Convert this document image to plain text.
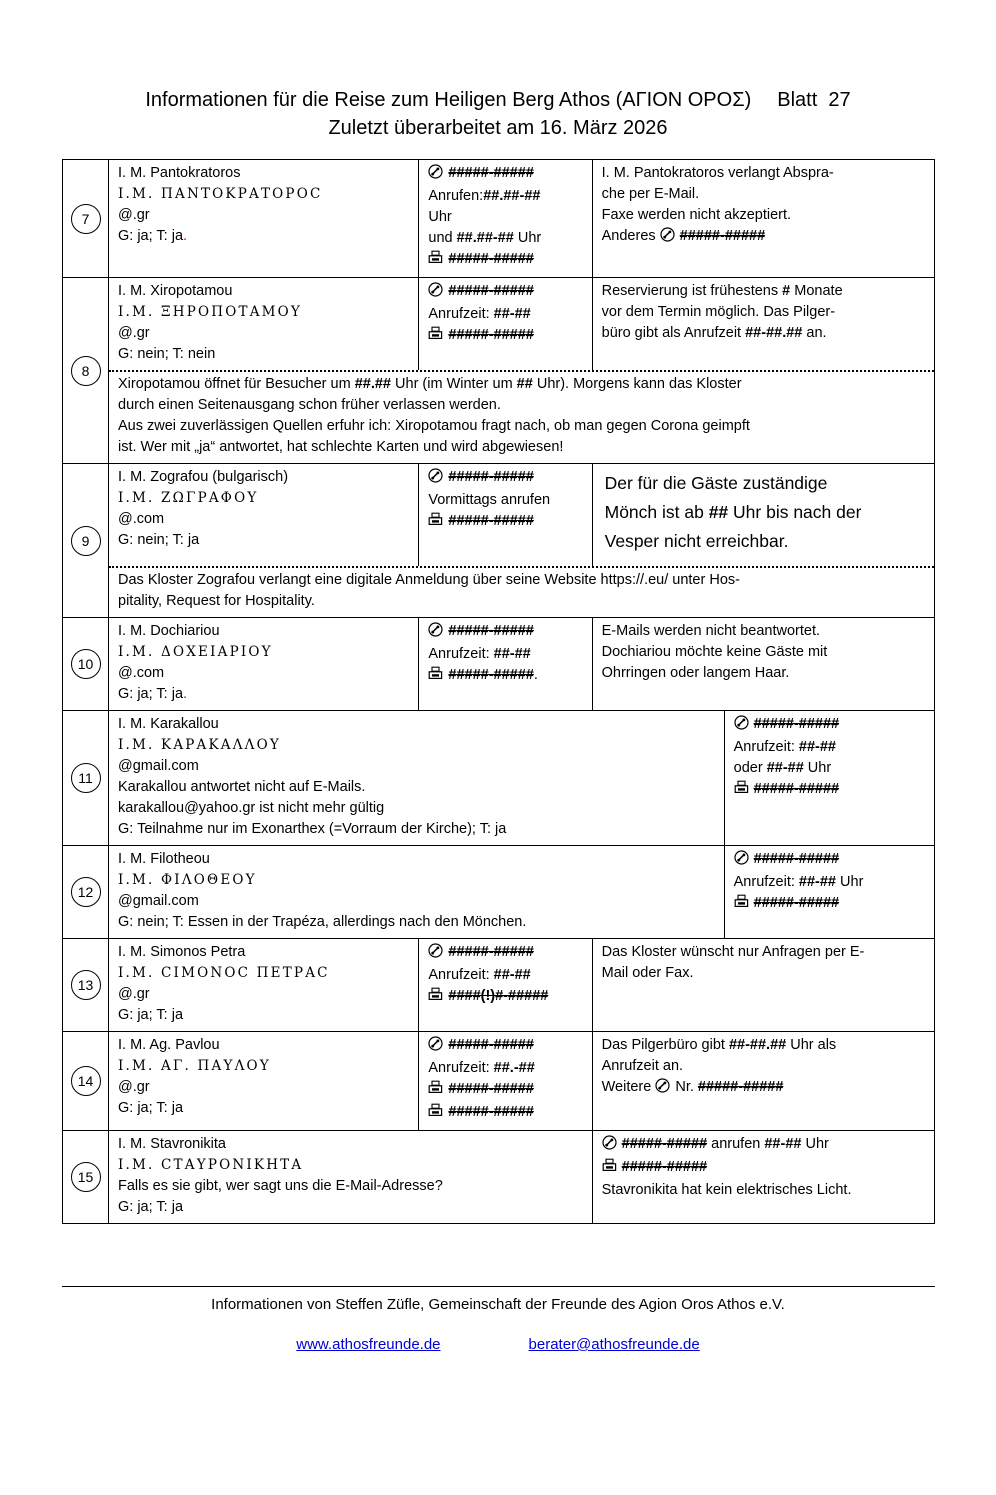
Informationen für die Reise zum Heiligen Berg Athos (ΑΓΙΟΝ ΟΡΟΣ) Blatt  27
Zuletzt überarbeitet am 16. März 2026
7
I. M. Pantokratoros
Ι.Μ. ΠΑΝΤΟΚΡΑΤΟΡΟC
@.gr
G: ja; T: ja.
#####-#####
Anrufen:##.##-##
Uhr
und ##.##-## Uhr
#####-#####
I. M. Pantokratoros verlangt Abspra-
che per E-Mail.
Faxe werden nicht akzeptiert.
Anderes #####-#####
8
I. M. Xiropotamou
Ι.Μ. ΞΗΡΟΠΟΤΑΜΟΥ
@.gr
G: nein; T: nein
#####-#####
Anrufzeit: ##-##
#####-#####
Reservierung ist frühestens # Monate
vor dem Termin möglich. Das Pilger-
büro gibt als Anrufzeit ##-##.## an.
Xiropotamou öffnet für Besucher um ##.## Uhr (im Winter um ## Uhr). Morgens kann das Kloster
durch einen Seitenausgang schon früher verlassen werden.
Aus zwei zuverlässigen Quellen erfuhr ich: Xiropotamou fragt nach, ob man gegen Corona geimpft
ist. Wer mit „ja“ antwortet, hat schlechte Karten und wird abgewiesen!
9
I. M. Zografou (bulgarisch)
Ι.Μ. ΖΩΓΡΑΦΟΥ
@.com
G: nein; T: ja
#####-#####
Vormittags anrufen
#####-#####
Der für die Gäste zuständige
Mönch ist ab ## Uhr bis nach der
Vesper nicht erreichbar.
Das Kloster Zografou verlangt eine digitale Anmeldung über seine Website https://.eu/ unter Hos-
pitality, Request for Hospitality.
10
I. M. Dochiariou
Ι.Μ. ΔΟΧΕΙΑΡΙΟΥ
@.com
G: ja; T: ja.
#####-#####
Anrufzeit: ##-##
#####-#####.
E-Mails werden nicht beantwortet.
Dochiariou möchte keine Gäste mit
Ohrringen oder langem Haar.
11
I. M. Karakallou
Ι.Μ. ΚΑΡΑΚΑΛΛΟΥ
@gmail.com
Karakallou antwortet nicht auf E-Mails.
karakallou@yahoo.gr ist nicht mehr gültig
G: Teilnahme nur im Exonarthex (=Vorraum der Kirche); T: ja
#####-#####
Anrufzeit: ##-##
oder ##-## Uhr
#####-#####
12
I. M. Filotheou
Ι.Μ. ΦΙΛΟΘΕΟΥ
@gmail.com
G: nein; T: Essen in der Trapéza, allerdings nach den Mönchen.
#####-#####
Anrufzeit: ##-## Uhr
#####-#####
13
I. M. Simonos Petra
Ι.Μ. CΙΜΟΝΟC ΠΕΤΡΑC
@.gr
G: ja; T: ja
#####-#####
Anrufzeit: ##-##
####(!)#-#####
Das Kloster wünscht nur Anfragen per E-
Mail oder Fax.
14
I. M. Ag. Pavlou
Ι.Μ. ΑΓ. ΠΑΥΛΟΥ
@.gr
G: ja; T: ja
#####-#####
Anrufzeit: ##.-##
#####-#####
#####-#####
Das Pilgerbüro gibt ##-##.## Uhr als
Anrufzeit an.
Weitere Nr. #####-#####
15
I. M. Stavronikita
Ι.Μ. CΤΑΥΡΟΝΙΚΗΤΑ
Falls es sie gibt, wer sagt uns die E-Mail-Adresse?
G: ja; T: ja
#####-##### anrufen ##-## Uhr
#####-#####
Stavronikita hat kein elektrisches Licht.
Informationen von Steffen Züfle, Gemeinschaft der Freunde des Agion Oros Athos e.V.
www.athosfreunde.de	berater@athosfreunde.de
